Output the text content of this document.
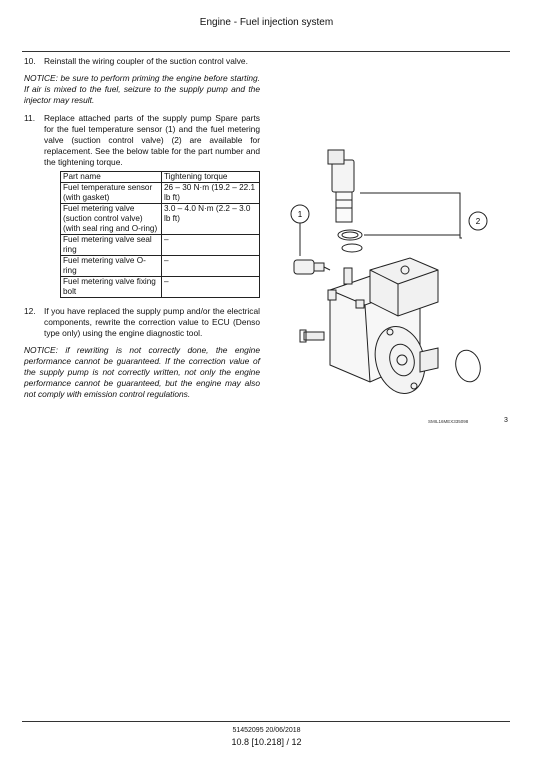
Engine - Fuel injection system
10. Reinstall the wiring coupler of the suction control valve.
NOTICE: be sure to perform priming the engine before starting. If air is mixed to the fuel, seizure to the supply pump and the injector may result.
11.	Replace attached parts of the supply pump Spare parts for the fuel temperature sensor (1) and the fuel metering valve (suction control valve) (2) are available for replacement. See the below table for the part number and the tightening torque.
Part name	Tightening torque
Fuel temperature sensor (with gasket)	26 – 30 N·m (19.2 – 22.1 lb ft)
Fuel metering valve (suction control valve) (with seal ring and O-ring)	3.0 – 4.0 N·m (2.2 – 3.0 lb ft)
Fuel metering valve seal ring	–
Fuel metering valve O-ring	–
Fuel metering valve fixing bolt	–
12. If you have replaced the supply pump and/or the electrical components, rewrite the correction value to ECU (Denso type only) using the engine diagnostic tool.
NOTICE: if rewriting is not correctly done, the engine performance cannot be guaranteed. If the correction value of the supply pump is not correctly written, not only the engine performance cannot be guaranteed, but the engine may also not comply with emission control regulations.
1
2
SMIL16MEX335098	3
51452095 20/06/2018
10.8 [10.218] / 12
